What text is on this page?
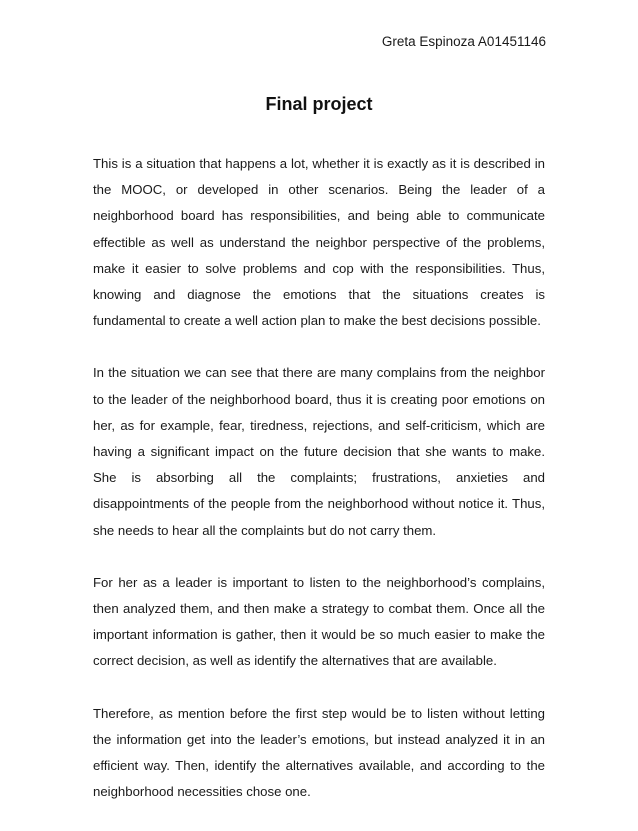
Greta Espinoza A01451146
Final project

This is a situation that happens a lot, whether it is exactly as it is described in the MOOC, or developed in other scenarios. Being the leader of a neighborhood board has responsibilities, and being able to communicate effectible as well as understand the neighbor perspective of the problems, make it easier to solve problems and cop with the responsibilities. Thus, knowing and diagnose the emotions that the situations creates is fundamental to create a well action plan to make the best decisions possible.

In the situation we can see that there are many complains from the neighbor to the leader of the neighborhood board, thus it is creating poor emotions on her, as for example, fear, tiredness, rejections, and self-criticism, which are having a significant impact on the future decision that she wants to make. She is absorbing all the complaints; frustrations, anxieties and disappointments of the people from the neighborhood without notice it. Thus, she needs to hear all the complaints but do not carry them.

For her as a leader is important to listen to the neighborhood’s complains, then analyzed them, and then make a strategy to combat them. Once all the important information is gather, then it would be so much easier to make the correct decision, as well as identify the alternatives that are available.

Therefore, as mention before the first step would be to listen without letting the information get into the leader’s emotions, but instead analyzed it in an efficient way. Then, identify the alternatives available, and according to the neighborhood necessities chose one.
